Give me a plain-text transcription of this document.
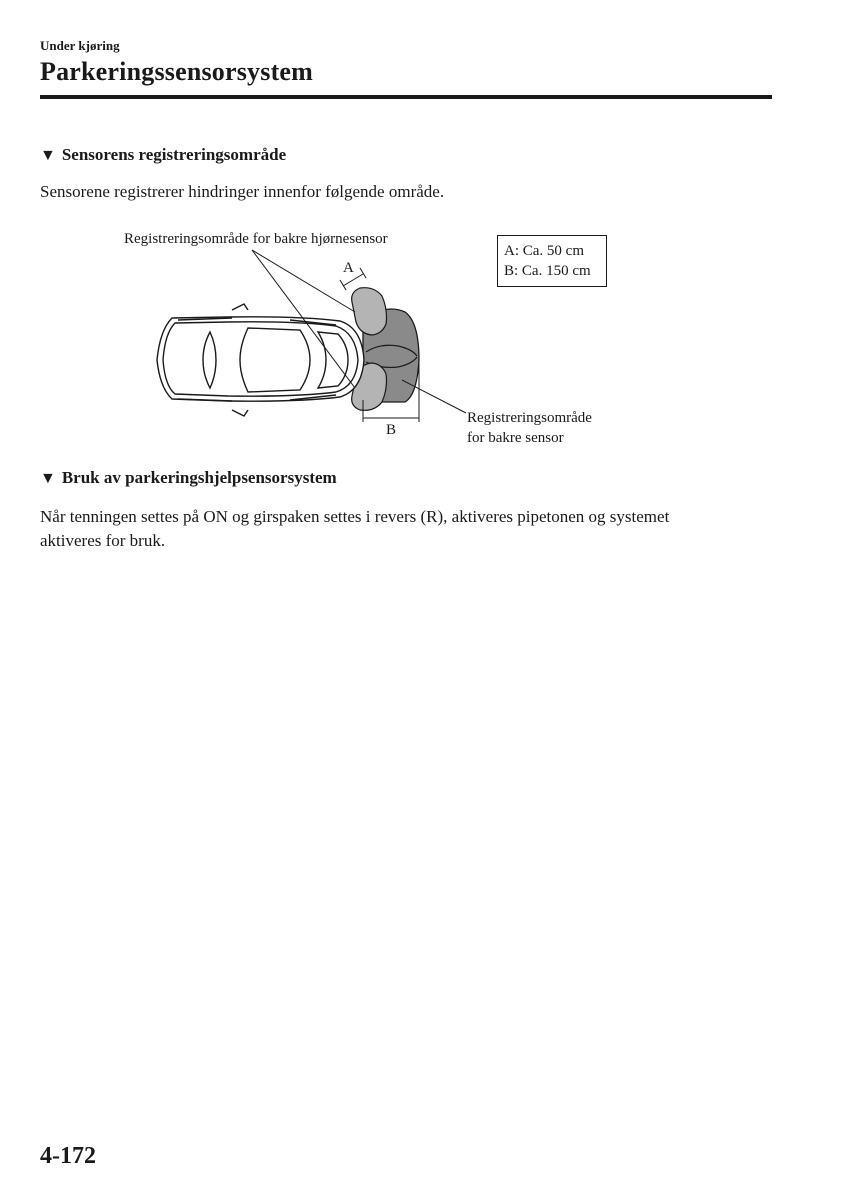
Under kjøring
Parkeringssensorsystem
▼ Sensorens registreringsområde
Sensorene registrerer hindringer innenfor følgende område.
Registreringsområde for bakre hjørnesensor
A
B
A: Ca. 50 cm
B: Ca. 150 cm
Registreringsområde
for bakre sensor
▼ Bruk av parkeringshjelpsensorsystem
Når tenningen settes på ON og girspaken settes i revers (R), aktiveres pipetonen og systemet
aktiveres for bruk.
4-172
